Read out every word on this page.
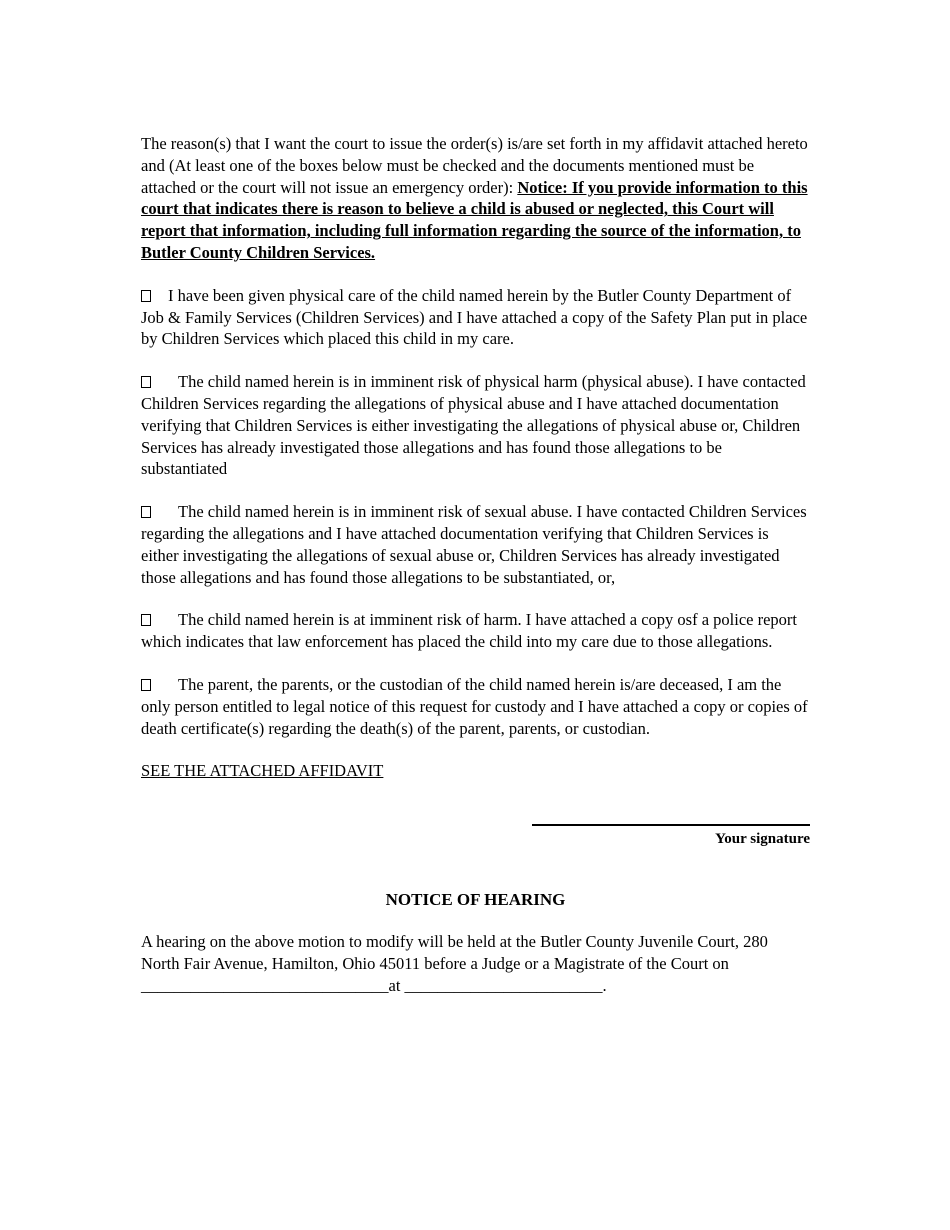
The reason(s) that I want the court to issue the order(s) is/are set forth in my affidavit attached hereto and (At least one of the boxes below must be checked and the documents mentioned must be attached or the court will not issue an emergency order): Notice: If you provide information to this court that indicates there is reason to believe a child is abused or neglected, this Court will report that information, including full information regarding the source of the information, to Butler County Children Services.

I have been given physical care of the child named herein by the Butler County Department of Job & Family Services (Children Services) and I have attached a copy of the Safety Plan put in place by Children Services which placed this child in my care.

The child named herein is in imminent risk of physical harm (physical abuse). I have contacted Children Services regarding the allegations of physical abuse and I have attached documentation verifying that Children Services is either investigating the allegations of physical abuse or, Children Services has already investigated those allegations and has found those allegations to be substantiated

The child named herein is in imminent risk of sexual abuse. I have contacted Children Services regarding the allegations and I have attached documentation verifying that Children Services is either investigating the allegations of sexual abuse or, Children Services has already investigated those allegations and has found those allegations to be substantiated, or,

The child named herein is at imminent risk of harm. I have attached a copy osf a police report which indicates that law enforcement has placed the child into my care due to those allegations.

The parent, the parents, or the custodian of the child named herein is/are deceased, I am the only person entitled to legal notice of this request for custody and I have attached a copy or copies of death certificate(s) regarding the death(s) of the parent, parents, or custodian.

SEE THE ATTACHED AFFIDAVIT

Your signature

NOTICE OF HEARING

A hearing on the above motion to modify will be held at the Butler County Juvenile Court, 280 North Fair Avenue, Hamilton, Ohio 45011 before a Judge or a Magistrate of the Court on ______________________________at ________________________.
